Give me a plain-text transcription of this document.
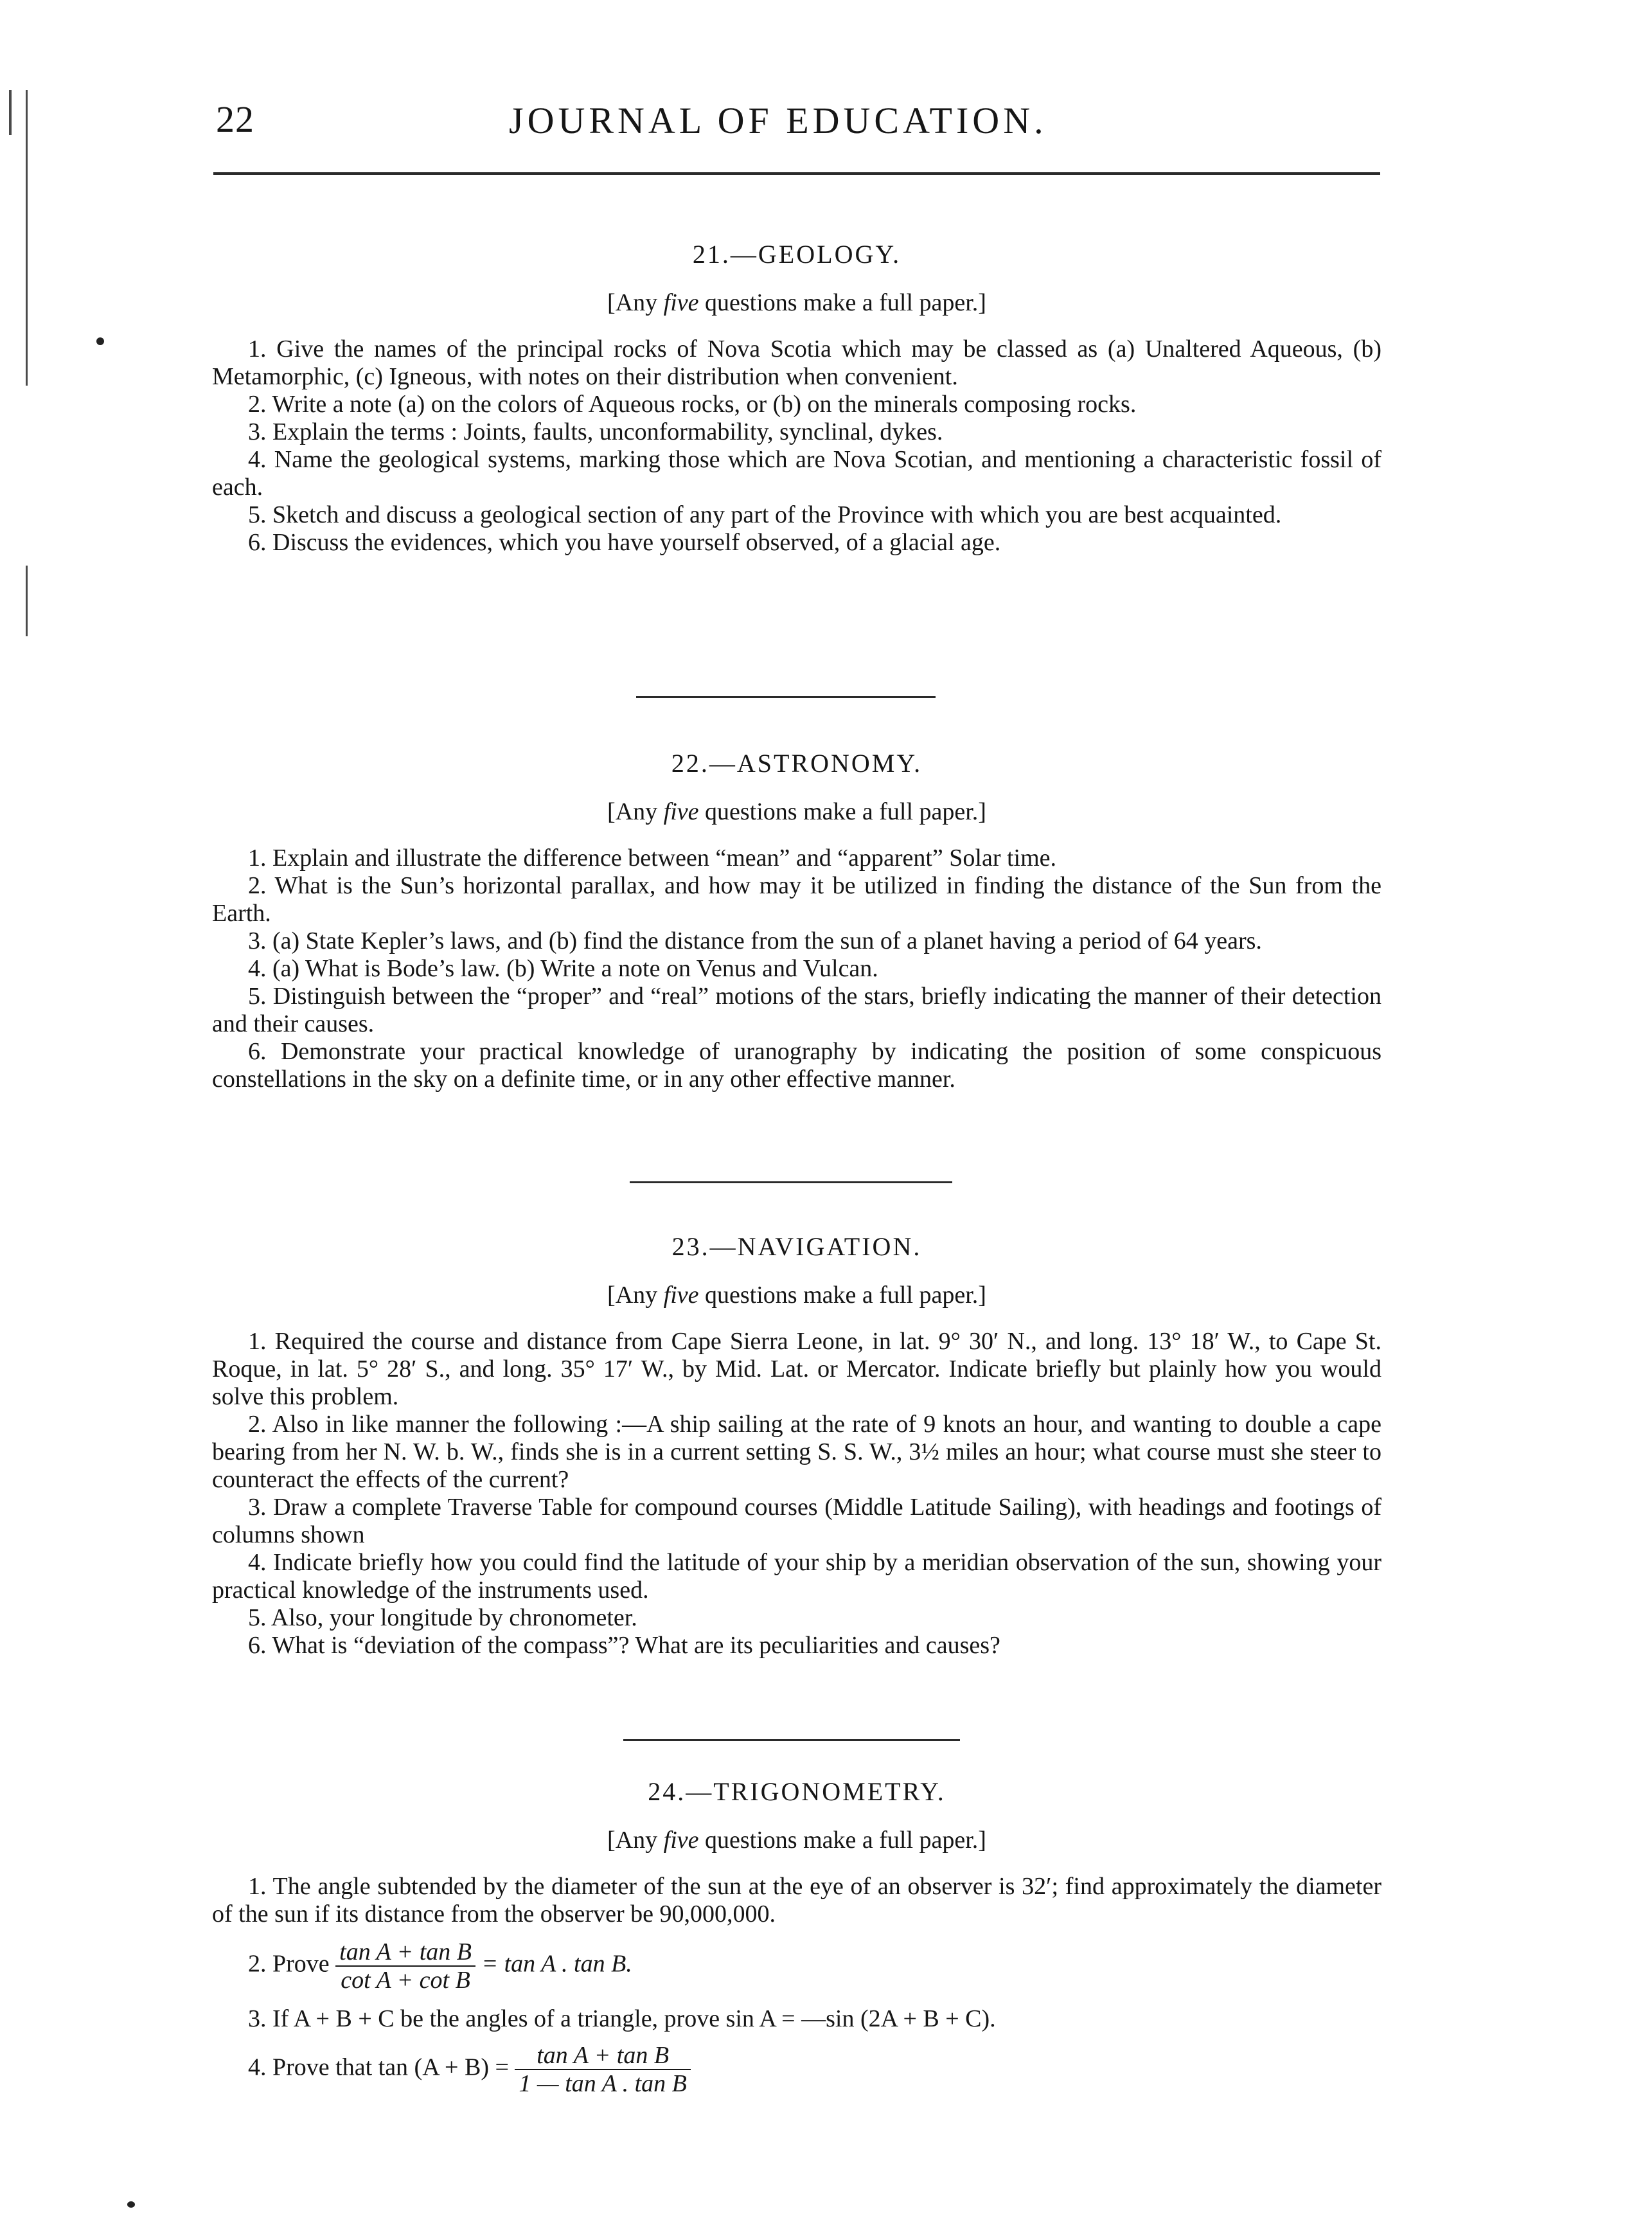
22	JOURNAL OF EDUCATION.
21.—GEOLOGY.
[Any five questions make a full paper.]

1. Give the names of the principal rocks of Nova Scotia which may be classed as (a) Unaltered Aqueous, (b) Metamorphic, (c) Igneous, with notes on their distribution when convenient.

2. Write a note (a) on the colors of Aqueous rocks, or (b) on the minerals composing rocks.

3. Explain the terms : Joints, faults, unconformability, synclinal, dykes.

4. Name the geological systems, marking those which are Nova Scotian, and mentioning a characteristic fossil of each.

5. Sketch and discuss a geological section of any part of the Province with which you are best acquainted.

6. Discuss the evidences, which you have yourself observed, of a glacial age.

22.—ASTRONOMY.
[Any five questions make a full paper.]

1. Explain and illustrate the difference between “mean” and “apparent” Solar time.

2. What is the Sun’s horizontal parallax, and how may it be utilized in finding the distance of the Sun from the Earth.

3. (a) State Kepler’s laws, and (b) find the distance from the sun of a planet having a period of 64 years.

4. (a) What is Bode’s law. (b) Write a note on Venus and Vulcan.

5. Distinguish between the “proper” and “real” motions of the stars, briefly indicating the manner of their detection and their causes.

6. Demonstrate your practical knowledge of uranography by indicating the position of some conspicuous constellations in the sky on a definite time, or in any other effective manner.

23.—NAVIGATION.
[Any five questions make a full paper.]

1. Required the course and distance from Cape Sierra Leone, in lat. 9° 30′ N., and long. 13° 18′ W., to Cape St. Roque, in lat. 5° 28′ S., and long. 35° 17′ W., by Mid. Lat. or Mercator. Indicate briefly but plainly how you would solve this problem.

2. Also in like manner the following :—A ship sailing at the rate of 9 knots an hour, and wanting to double a cape bearing from her N. W. b. W., finds she is in a current setting S. S. W., 3½ miles an hour; what course must she steer to counteract the effects of the current?

3. Draw a complete Traverse Table for compound courses (Middle Latitude Sailing), with headings and footings of columns shown

4. Indicate briefly how you could find the latitude of your ship by a meridian observation of the sun, showing your practical knowledge of the instruments used.

5. Also, your longitude by chronometer.

6. What is “deviation of the compass”? What are its peculiarities and causes?

24.—TRIGONOMETRY.
[Any five questions make a full paper.]

1. The angle subtended by the diameter of the sun at the eye of an observer is 32′; find approximately the diameter of the sun if its distance from the observer be 90,000,000.

2. Prove $\frac{\text{tan A + tan B}}{\text{cot A + cot B}} = \tan A$ . tan B.

3. If A + B + C be the angles of a triangle, prove sin A = —sin (2A + B + C).

4. Prove that $\tan (A + B) = \frac{\text{tan A + tan B}}{\text{1 — tan A . tan B}}$
